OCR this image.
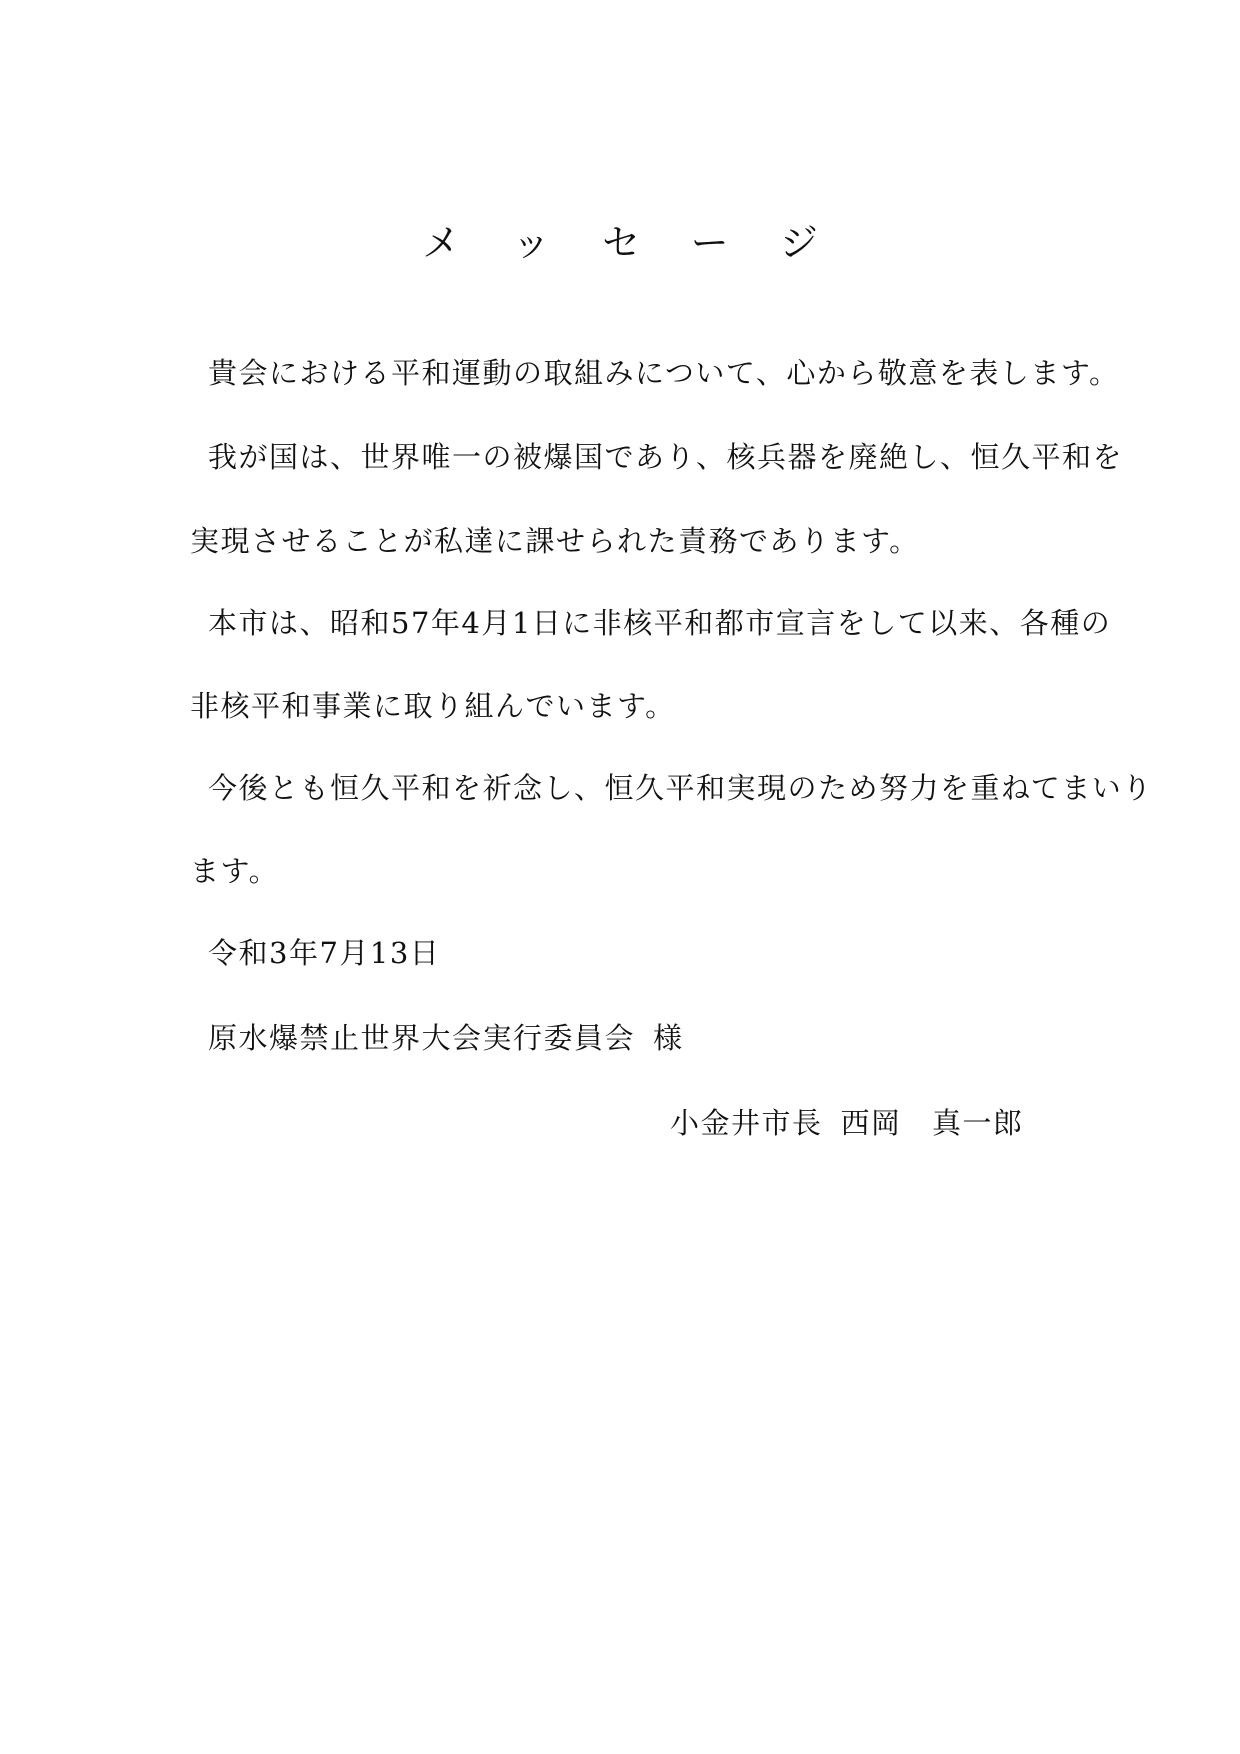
メッセージ
貴会における平和運動の取組みについて、心から敬意を表します。
我が国は、世界唯一の被爆国であり、核兵器を廃絶し、恒久平和を
実現させることが私達に課せられた責務であります。
本市は、昭和57年4月1日に非核平和都市宣言をして以来、各種の
非核平和事業に取り組んでいます。
今後とも恒久平和を祈念し、恒久平和実現のため努力を重ねてまいり
ます。
令和3年7月13日
原水爆禁止世界大会実行委員会 様
小金井市長 西岡　真一郎
